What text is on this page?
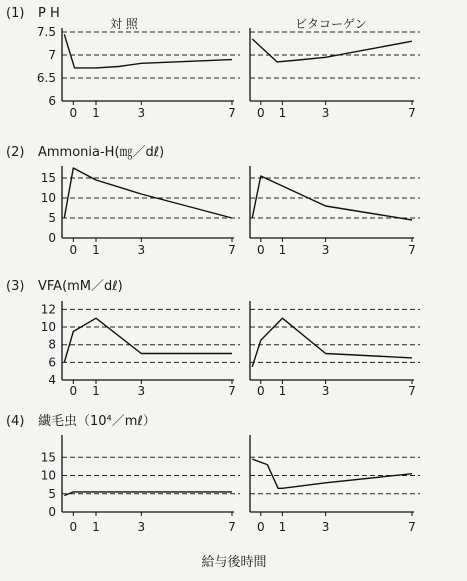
(1) P H
6
6.5
7
7.5
対 照
0 1	3	7
ビタコーゲン
0 1	3	7
(2) Ammonia-H(㎎／dℓ)
0
5
10
15
0 1	3	7 0 1	3	7
(3) VFA(mM／dℓ)
4
6
8
10
12
0 1	3	7 0 1	3	7
(4) 繊毛虫（10⁴／mℓ）
0
5
10
15
0 1	3	7 0 1	3	7
給与後時間
